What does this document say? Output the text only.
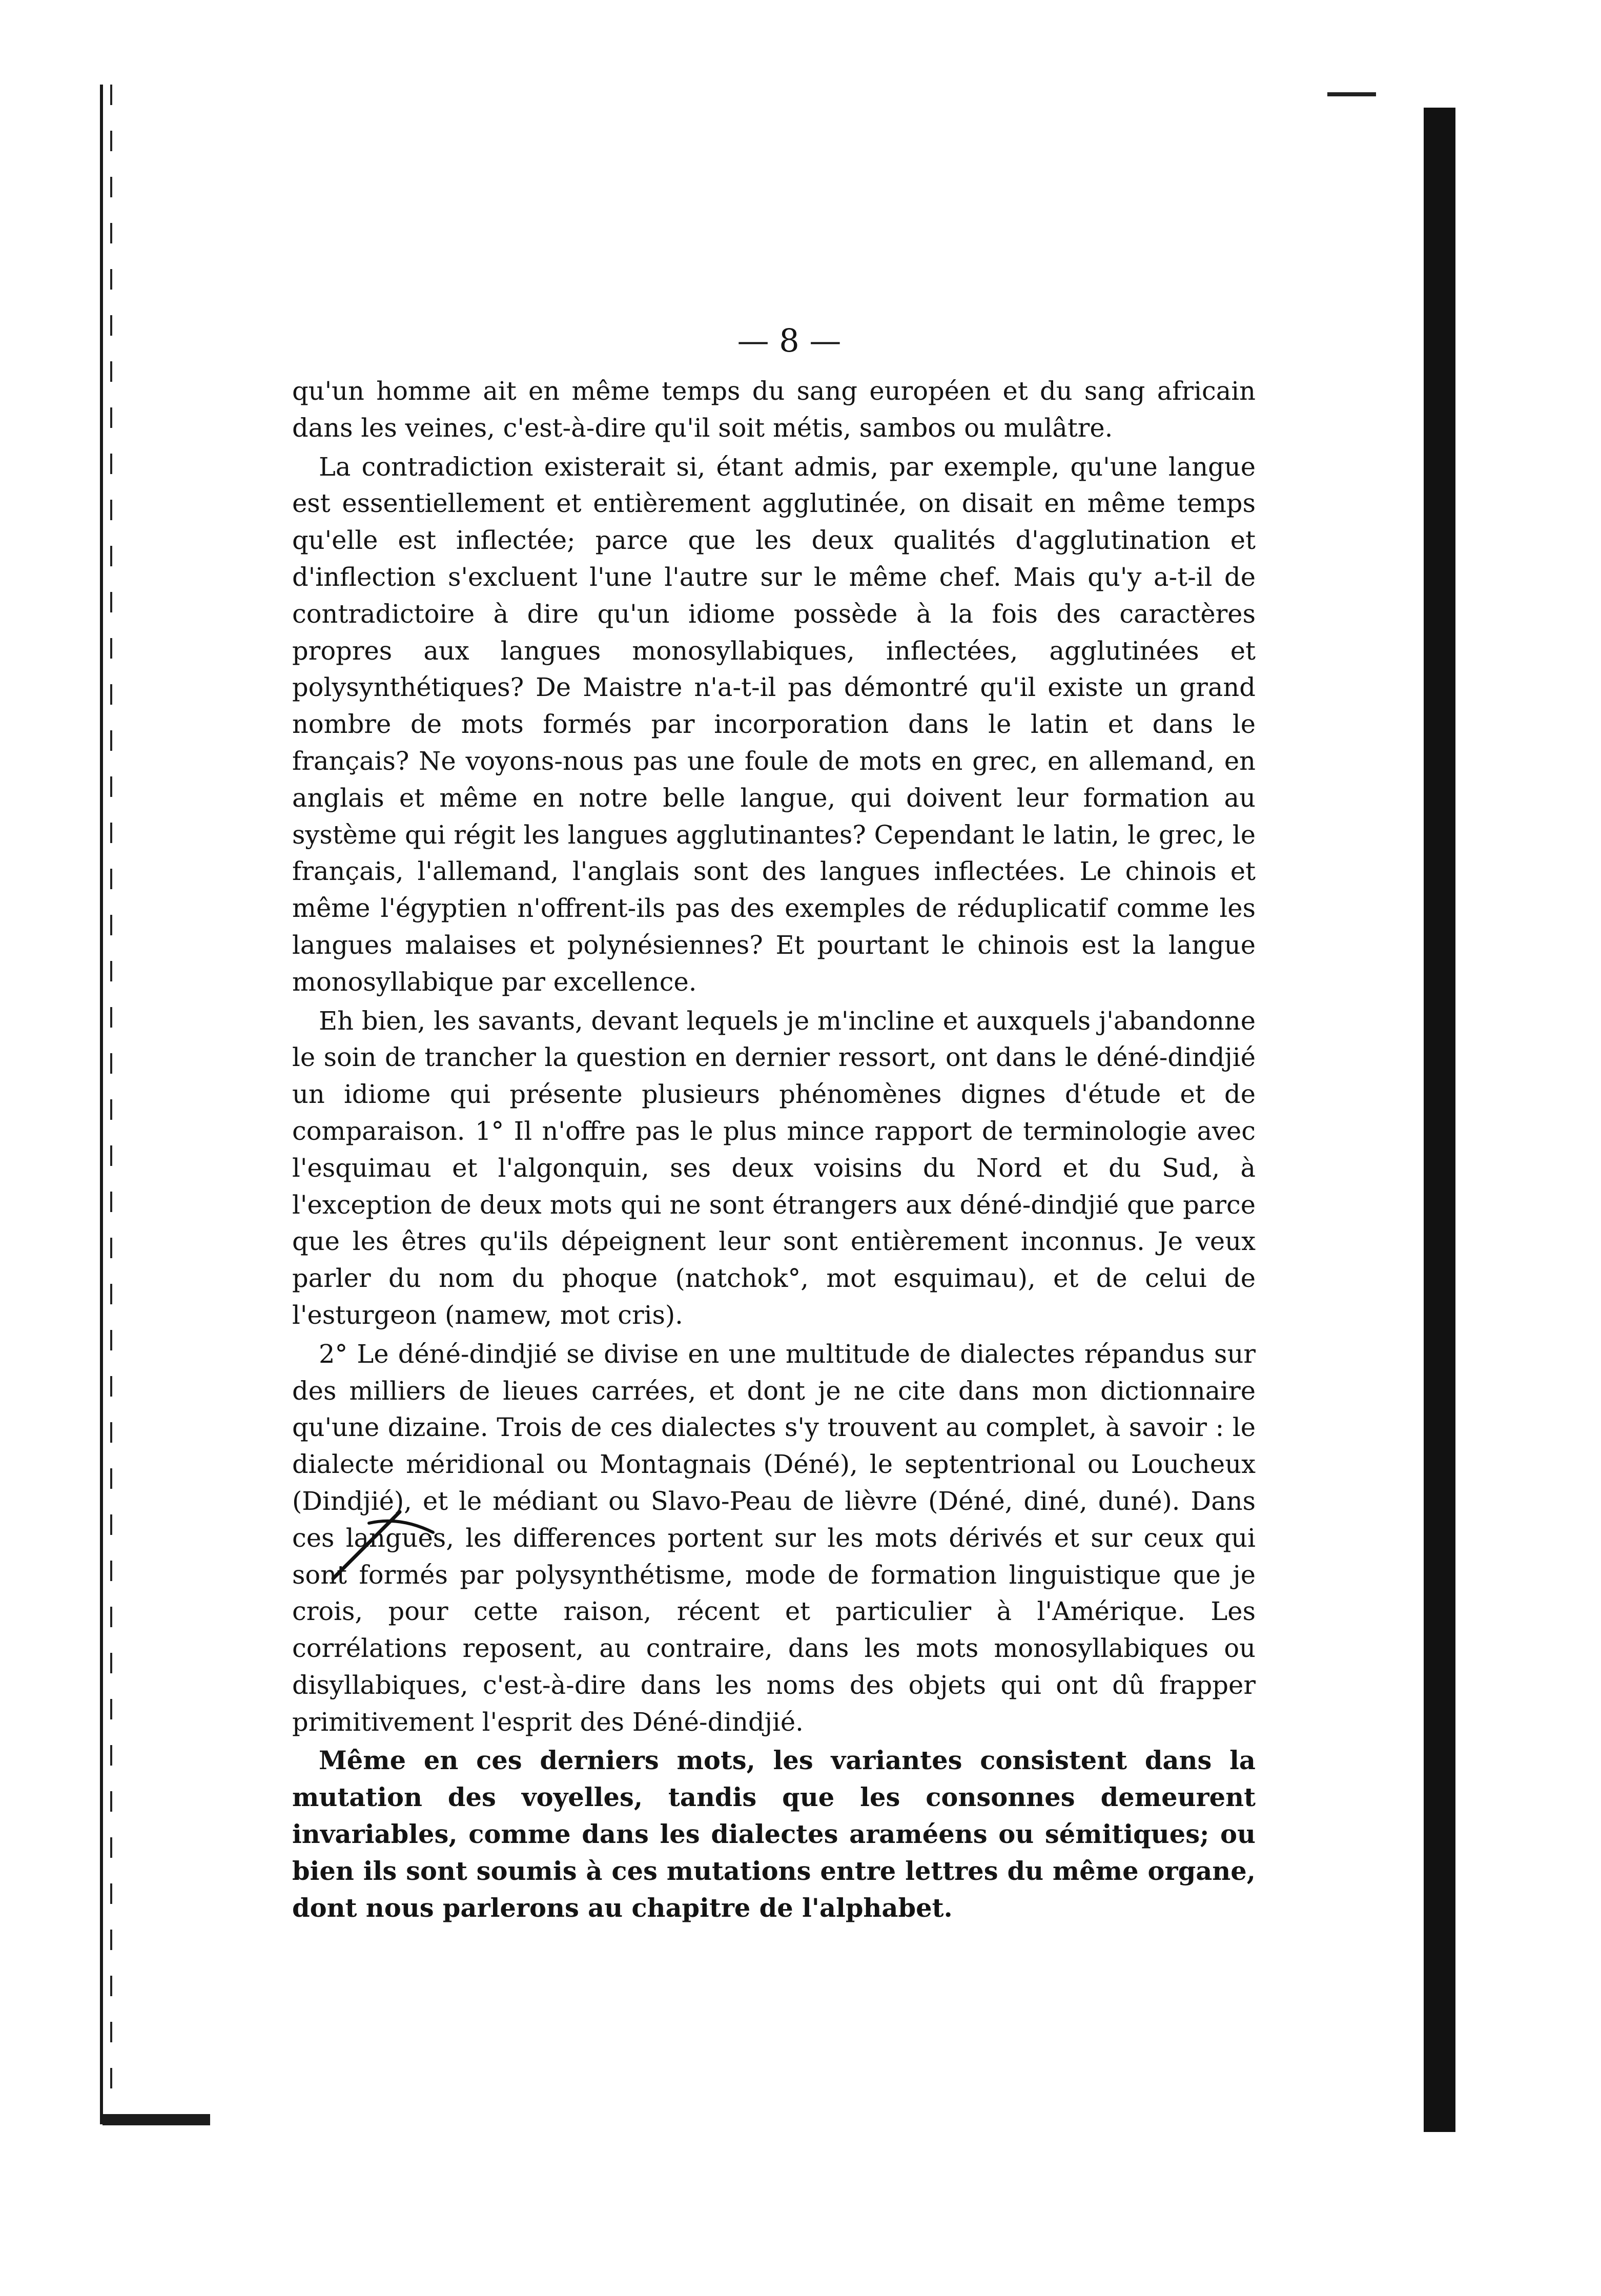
— 8 —

qu'un homme ait en même temps du sang européen et du sang africain dans les veines, c'est-à-dire qu'il soit métis, sambos ou mulâtre.

La contradiction existerait si, étant admis, par exemple, qu'une langue est essentiellement et entièrement agglutinée, on disait en même temps qu'elle est inflectée; parce que les deux qualités d'agglutination et d'inflection s'excluent l'une l'autre sur le même chef. Mais qu'y a-t-il de contradictoire à dire qu'un idiome possède à la fois des caractères propres aux langues monosyllabiques, inflectées, agglutinées et polysynthétiques? De Maistre n'a-t-il pas démontré qu'il existe un grand nombre de mots formés par incorporation dans le latin et dans le français? Ne voyons-nous pas une foule de mots en grec, en allemand, en anglais et même en notre belle langue, qui doivent leur formation au système qui régit les langues agglutinantes? Cependant le latin, le grec, le français, l'allemand, l'anglais sont des langues inflectées. Le chinois et même l'égyptien n'offrent-ils pas des exemples de réduplicatif comme les langues malaises et polynésiennes? Et pourtant le chinois est la langue monosyllabique par excellence.

Eh bien, les savants, devant lequels je m'incline et auxquels j'abandonne le soin de trancher la question en dernier ressort, ont dans le déné-dindjié un idiome qui présente plusieurs phénomènes dignes d'étude et de comparaison. 1° Il n'offre pas le plus mince rapport de terminologie avec l'esquimau et l'algonquin, ses deux voisins du Nord et du Sud, à l'exception de deux mots qui ne sont étrangers aux déné-dindjié que parce que les êtres qu'ils dépeignent leur sont entièrement inconnus. Je veux parler du nom du phoque (natchok°, mot esquimau), et de celui de l'esturgeon (namew, mot cris).

2° Le déné-dindjié se divise en une multitude de dialectes répandus sur des milliers de lieues carrées, et dont je ne cite dans mon dictionnaire qu'une dizaine. Trois de ces dialectes s'y trouvent au complet, à savoir : le dialecte méridional ou Montagnais (Déné), le septentrional ou Loucheux (Dindjié), et le médiant ou Slavo-Peau de lièvre (Déné, diné, duné). Dans ces langues, les differences portent sur les mots dérivés et sur ceux qui sont formés par polysynthétisme, mode de formation linguistique que je crois, pour cette raison, récent et particulier à l'Amérique. Les corrélations reposent, au contraire, dans les mots monosyllabiques ou disyllabiques, c'est-à-dire dans les noms des objets qui ont dû frapper primitivement l'esprit des Déné-dindjié.

Même en ces derniers mots, les variantes consistent dans la mutation des voyelles, tandis que les consonnes demeurent invariables, comme dans les dialectes araméens ou sémitiques; ou bien ils sont soumis à ces mutations entre lettres du même organe, dont nous parlerons au chapitre de l'alphabet.
